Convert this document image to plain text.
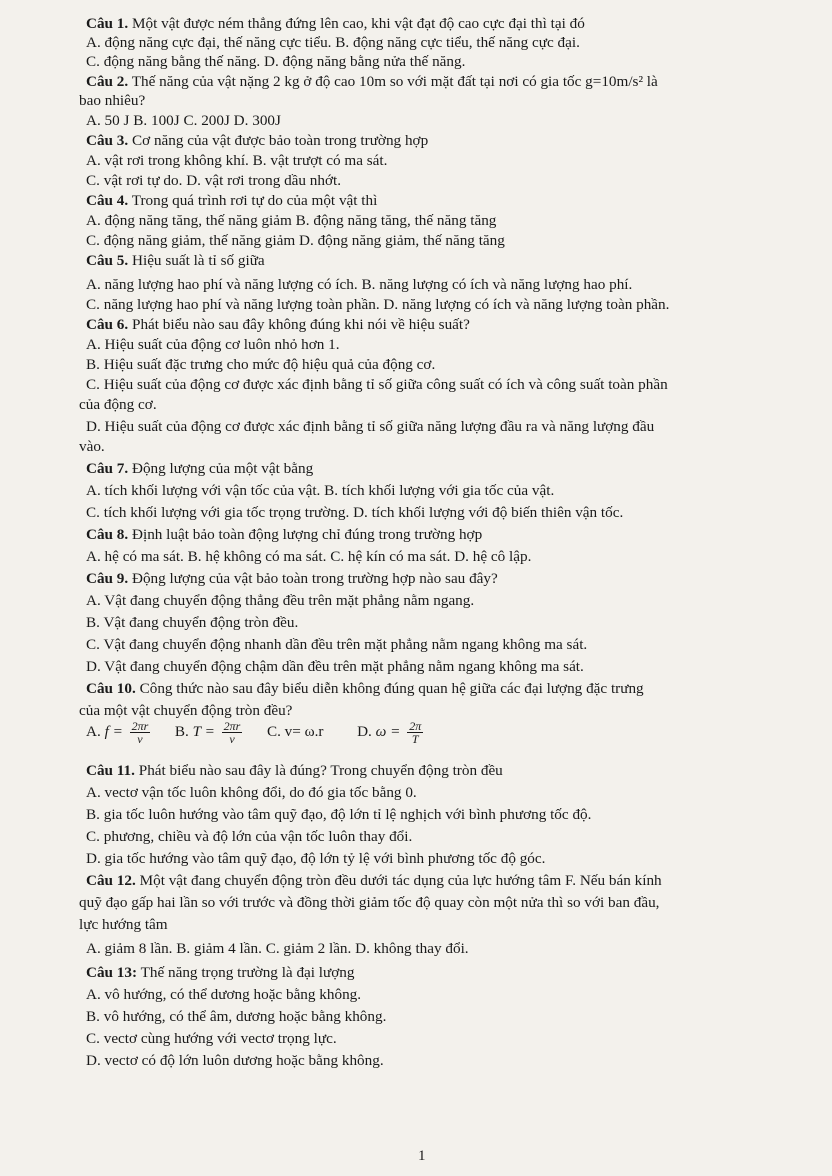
Câu 1. Một vật được ném thẳng đứng lên cao, khi vật đạt độ cao cực đại thì tại đó
A. động năng cực đại, thế năng cực tiểu. B. động năng cực tiểu, thế năng cực đại.
C. động năng bằng thế năng. D. động năng bằng nửa thế năng.
Câu 2. Thế năng của vật nặng 2 kg ở độ cao 10m so với mặt đất tại nơi có gia tốc g=10m/s² là
bao nhiêu?
A. 50 J B. 100J C. 200J D. 300J
Câu 3. Cơ năng của vật được bảo toàn trong trường hợp
A. vật rơi trong không khí. B. vật trượt có ma sát.
C. vật rơi tự do. D. vật rơi trong dầu nhớt.
Câu 4. Trong quá trình rơi tự do của một vật thì
A. động năng tăng, thế năng giảm B. động năng tăng, thế năng tăng
C. động năng giảm, thế năng giảm D. động năng giảm, thế năng tăng
Câu 5. Hiệu suất là tỉ số giữa
A. năng lượng hao phí và năng lượng có ích. B. năng lượng có ích và năng lượng hao phí.
C. năng lượng hao phí và năng lượng toàn phần. D. năng lượng có ích và năng lượng toàn phần.
Câu 6. Phát biểu nào sau đây không đúng khi nói về hiệu suất?
A. Hiệu suất của động cơ luôn nhỏ hơn 1.
B. Hiệu suất đặc trưng cho mức độ hiệu quả của động cơ.
C. Hiệu suất của động cơ được xác định bằng tỉ số giữa công suất có ích và công suất toàn phần
của động cơ.
D. Hiệu suất của động cơ được xác định bằng tỉ số giữa năng lượng đầu ra và năng lượng đầu
vào.
Câu 7. Động lượng của một vật bằng
A. tích khối lượng với vận tốc của vật. B. tích khối lượng với gia tốc của vật.
C. tích khối lượng với gia tốc trọng trường. D. tích khối lượng với độ biến thiên vận tốc.
Câu 8. Định luật bảo toàn động lượng chỉ đúng trong trường hợp
A. hệ có ma sát. B. hệ không có ma sát. C. hệ kín có ma sát. D. hệ cô lập.
Câu 9. Động lượng của vật bảo toàn trong trường hợp nào sau đây?
A. Vật đang chuyển động thẳng đều trên mặt phẳng nằm ngang.
B. Vật đang chuyển động tròn đều.
C. Vật đang chuyển động nhanh dần đều trên mặt phẳng nằm ngang không ma sát.
D. Vật đang chuyển động chậm dần đều trên mặt phẳng nằm ngang không ma sát.
Câu 10. Công thức nào sau đây biểu diễn không đúng quan hệ giữa các đại lượng đặc trưng
của một vật chuyển động tròn đều?
Câu 11. Phát biểu nào sau đây là đúng? Trong chuyển động tròn đều
A. vectơ vận tốc luôn không đổi, do đó gia tốc bằng 0.
B. gia tốc luôn hướng vào tâm quỹ đạo, độ lớn tỉ lệ nghịch với bình phương tốc độ.
C. phương, chiều và độ lớn của vận tốc luôn thay đổi.
D. gia tốc hướng vào tâm quỹ đạo, độ lớn tỷ lệ với bình phương tốc độ góc.
Câu 12. Một vật đang chuyển động tròn đều dưới tác dụng của lực hướng tâm F. Nếu bán kính
quỹ đạo gấp hai lần so với trước và đồng thời giảm tốc độ quay còn một nửa thì so với ban đầu,
lực hướng tâm
A. giảm 8 lần. B. giảm 4 lần. C. giảm 2 lần. D. không thay đổi.
Câu 13: Thế năng trọng trường là đại lượng
A. vô hướng, có thể dương hoặc bằng không.
B. vô hướng, có thể âm, dương hoặc bằng không.
C. vectơ cùng hướng với vectơ trọng lực.
D. vectơ có độ lớn luôn dương hoặc bằng không.
A. $f = \frac{2\pi r}{v} B$. $T = \frac{2\pi r}{v} C$. v= ω.r D. $\omega = \frac{2\pi}{T}$
1
